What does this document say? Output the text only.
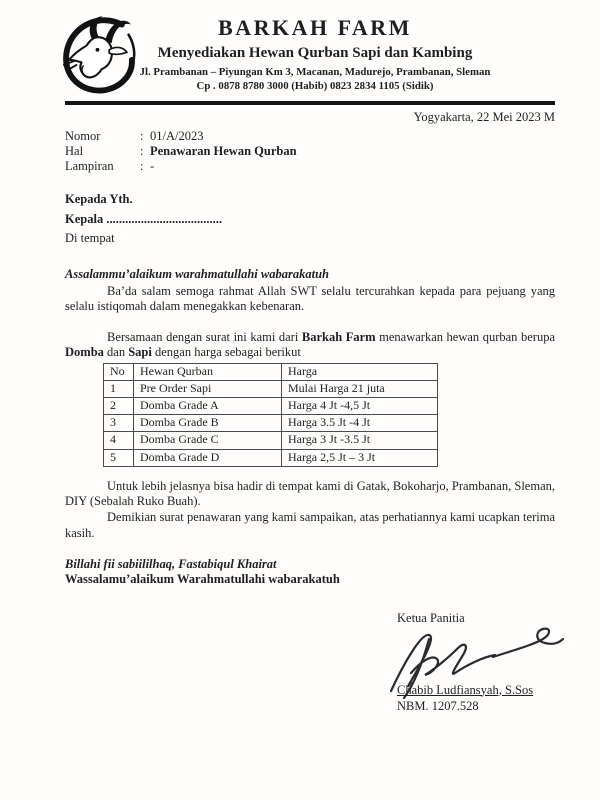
BARKAH FARM
Menyediakan Hewan Qurban Sapi dan Kambing
Jl. Prambanan – Piyungan Km 3, Macanan, Madurejo, Prambanan, Sleman
Cp . 0878 8780 3000 (Habib) 0823 2834 1105 (Sidik)
Yogyakarta, 22 Mei 2023 M
Nomor	: 01/A/2023
Hal	: Penawaran Hewan Qurban
Lampiran	: -
Kepada Yth.
Kepala .....................................
Di tempat
Assalammu’alaikum warahmatullahi wabarakatuh

Ba’da salam semoga rahmat Allah SWT selalu tercurahkan kepada para pejuang yang selalu istiqomah dalam menegakkan kebenaran.

Bersamaan dengan surat ini kami dari Barkah Farm menawarkan hewan qurban berupa Domba dan Sapi dengan harga sebagai berikut

No	Hewan Qurban	Harga
1	Pre Order Sapi	Mulai Harga 21 juta
2	Domba Grade A	Harga 4 Jt -4,5 Jt
3	Domba Grade B	Harga 3.5 Jt -4 Jt
4	Domba Grade C	Harga 3 Jt -3.5 Jt
5	Domba Grade D	Harga 2,5 Jt – 3 Jt

Untuk lebih jelasnya bisa hadir di tempat kami di Gatak, Bokoharjo, Prambanan, Sleman, DIY (Sebalah Ruko Buah).

Demikian surat penawaran yang kami sampaikan, atas perhatiannya kami ucapkan terima kasih.

Billahi fii sabiililhaq, Fastabiqul Khairat
Wassalamu’alaikum Warahmatullahi wabarakatuh
Ketua Panitia
Chabib Ludfiansyah, S.Sos
NBM. 1207.528
